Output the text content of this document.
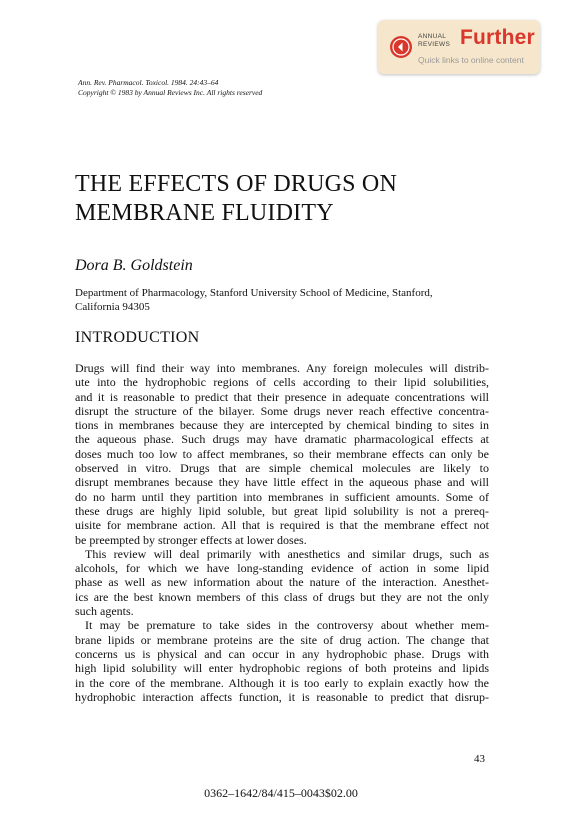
ANNUAL
REVIEWS Further
Quick links to online content
Ann. Rev. Pharmacol. Toxicol. 1984. 24:43–64
Copyright © 1983 by Annual Reviews Inc. All rights reserved
THE EFFECTS OF DRUGS ON
MEMBRANE FLUIDITY
Dora B. Goldstein
Department of Pharmacology, Stanford University School of Medicine, Stanford,
California 94305
INTRODUCTION
Drugs will find their way into membranes. Any foreign molecules will distrib-
ute into the hydrophobic regions of cells according to their lipid solubilities,
and it is reasonable to predict that their presence in adequate concentrations will
disrupt the structure of the bilayer. Some drugs never reach effective concentra-
tions in membranes because they are intercepted by chemical binding to sites in
the aqueous phase. Such drugs may have dramatic pharmacological effects at
doses much too low to affect membranes, so their membrane effects can only be
observed in vitro. Drugs that are simple chemical molecules are likely to
disrupt membranes because they have little effect in the aqueous phase and will
do no harm until they partition into membranes in sufficient amounts. Some of
these drugs are highly lipid soluble, but great lipid solubility is not a prereq-
uisite for membrane action. All that is required is that the membrane effect not
be preempted by stronger effects at lower doses.
This review will deal primarily with anesthetics and similar drugs, such as
alcohols, for which we have long-standing evidence of action in some lipid
phase as well as new information about the nature of the interaction. Anesthet-
ics are the best known members of this class of drugs but they are not the only
such agents.
It may be premature to take sides in the controversy about whether mem-
brane lipids or membrane proteins are the site of drug action. The change that
concerns us is physical and can occur in any hydrophobic phase. Drugs with
high lipid solubility will enter hydrophobic regions of both proteins and lipids
in the core of the membrane. Although it is too early to explain exactly how the
hydrophobic interaction affects function, it is reasonable to predict that disrup-
43
0362–1642/84/415–0043$02.00
